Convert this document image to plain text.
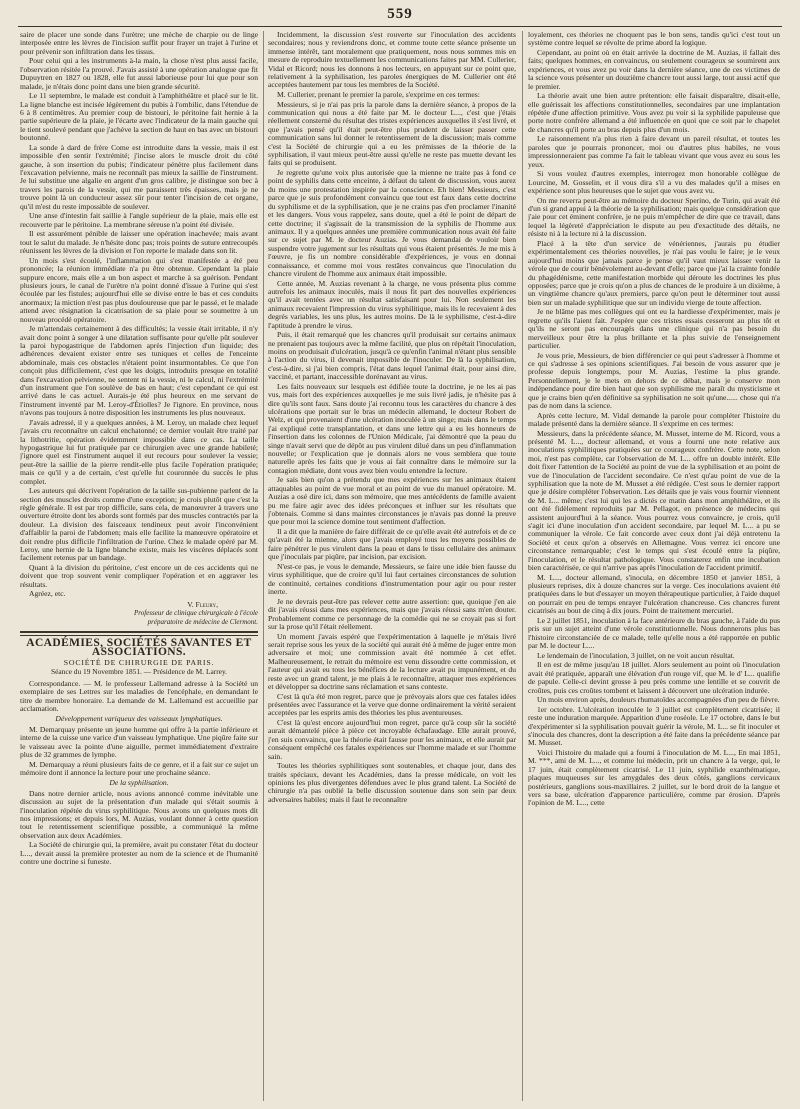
559

saire de placer une sonde dans l'urètre; une mèche de charpie ou de linge interposée entre les lèvres de l'incision suffit pour frayer un trajet à l'urine et pour prévenir son infiltration dans les tissus.

Pour celui qui a les instruments à-la main, la chose n'est plus aussi facile, l'observation résitée l'a prouvé. J'avais assisté à une opération analogue que fit Dupuytren en 1827 ou 1828, elle fut aussi laborieuse pour lui que pour son malade, je n'étais donc point dans une bien grande sécurité.

Le 11 septembre, le malade est conduit à l'amphithéâtre et placé sur le lit. La ligne blanche est incisée légèrement du pubis à l'ombilic, dans l'étendue de 6 à 8 centimètres. Au premier coup de bistouri, le péritoine fait hernie à la partie supérieure de la plaie, je l'écarte avec l'indicateur de la main gauche qui le tient soulevé pendant que j'achève la section de haut en bas avec un bistouri boutonné.

La sonde à dard de frère Come est introduite dans la vessie, mais il est impossible d'en sentir l'extrémité; j'incise alors le muscle droit du côté gauche, à son insertion du pubis; l'indicateur pénètre plus facilement dans l'excavation pelvienne, mais ne reconnaît pas mieux la saillie de l'instrument. Je lui substitue une algalie en argent d'un gros calibre, je distingue son bec à travers les parois de la vessie, qui me paraissent très épaisses, mais je ne trouve point là un conducteur assez sûr pour tenter l'incision de cet organe, qu'il m'est du reste impossible de soulever.

Une anse d'intestin fait saillie à l'angle supérieur de la plaie, mais elle est recouverte par le péritoine. La membrane séreuse n'a point été divisée.

Il est assurément pénible de laisser une opération inachevée; mais avant tout le salut du malade. Je n'hésite donc pas; trois points de suture entrecoupés réunissent les lèvres de la division et l'on reporte le malade dans son lit.

Un mois s'est écoulé, l'inflammation qui s'est manifestée a été peu prononcée; la réunion immédiate n'a pu être obtenue. Cependant la plaie suppure encore, mais elle a un bon aspect et marche à sa guérison. Pendant plusieurs jours, le canal de l'urètre n'a point donné d'issue à l'urine qui s'est écoulée par les fistules; aujourd'hui elle se divise entre le bas et ces conduits anormaux; la miction n'est pas plus douloureuse que par le passé, et le malade attend avec résignation la cicatrisation de sa plaie pour se soumettre à un nouveau procédé opératoire.

Je m'attendais certainement à des difficultés; la vessie était irritable, il n'y avait donc point à songer à une dilatation suffisante pour qu'elle pût soulever la paroi hypogastrique de l'abdomen après l'injection d'un liquide; des adhérences devaient exister entre ses tuniques et celles de l'enceinte abdominale, mais ces obstacles n'étaient point insurmontables. Ce que l'on conçoit plus difficilement, c'est que les doigts, introduits presque en totalité dans l'excavation pelvienne, ne sentent ni la vessie, ni le calcul, ni l'extrémité d'un instrument que l'on soulève de bas en haut; c'est cependant ce qui est arrivé dans le cas actuel. Aurais-je été plus heureux en me servant de l'instrument inventé par M. Leroy-d'Étiolles? Je l'ignore. En province, nous n'avons pas toujours à notre disposition les instruments les plus nouveaux.

J'avais adressé, il y a quelques années, à M. Leroy, un malade chez lequel j'avais cru reconnaître un calcul enchatonné; ce dernier voulait être traité par la lithotritie, opération évidemment impossible dans ce cas. La taille hypogastrique lui fut pratiquée par ce chirurgien avec une grande habileté; j'ignore quel est l'instrument auquel il eut recours pour soulever la vessie; peut-être la saillie de la pierre rendit-elle plus facile l'opération pratiquée; mais ce qu'il y a de certain, c'est qu'elle fut couronnée du succès le plus complet.

Les auteurs qui décrivent l'opération de la taille sus-pubienne parlent de la section des muscles droits comme d'une exception; je crois plutôt que c'est la règle générale. Il est par trop difficile, sans cela, de manœuvrer à travers une ouverture étroite dont les abords sont formés par des muscles contractés par la douleur. La division des faisceaux tendineux peut avoir l'inconvénient d'affaiblir la paroi de l'abdomen; mais elle facilite la manœuvre opératoire et doit rendre plus difficile l'infiltration de l'urine. Chez le malade opéré par M. Leroy, une hernie de la ligne blanche existe, mais les viscères déplacés sont facilement retenus par un bandage.

Quant à la division du péritoine, c'est encore un de ces accidents qui ne doivent que trop souvent venir compliquer l'opération et en aggraver les résultats.

Agréez, etc.

V. Fleury,
Professeur de clinique chirurgicale à l'école
préparatoire de médecine de Clermont.
ACADÉMIES, SOCIÉTÉS SAVANTES ET ASSOCIATIONS.
SOCIÉTÉ DE CHIRURGIE DE PARIS.
Séance du 19 Novembre 1851. — Présidence de M. Larrey.

Correspondance. — M. le professeur Lallemand adresse à la Société un exemplaire de ses Lettres sur les maladies de l'encéphale, en demandant le titre de membre honoraire. La demande de M. Lallemand est accueillie par acclamation.

Développement variqueux des vaisseaux lymphatiques.

M. Demarquay présente un jeune homme qui offre à la partie inférieure et interne de la cuisse une varice d'un vaisseau lymphatique. Une piqûre faite sur le vaisseau avec la pointe d'une aiguille, permet immédiatement d'extraire plus de 32 grammes de lymphe.

M. Demarquay a réuni plusieurs faits de ce genre, et il a fait sur ce sujet un mémoire dont il annonce la lecture pour une prochaine séance.

De la syphilisation.

Dans notre dernier article, nous avions annoncé comme inévitable une discussion au sujet de la présentation d'un malade qui s'était soumis à l'inoculation répétée du virus syphilitique. Nous avons un quelques mots dit nos impressions; et depuis lors, M. Auzias, voulant donner à cette question tout le retentissement scientifique possible, a communiqué la même observation aux deux Académies.

La Société de chirurgie qui, la première, avait pu constater l'état du docteur L..., devait aussi la première protester au nom de la science et de l'humanité contre une doctrine si funeste.

Incidemment, la discussion s'est rouverte sur l'inoculation des accidents secondaires; nous y reviendrons donc, et comme toute cette séance présente un immense intérêt, tant moralement que pratiquement, nous nous sommes mis en mesure de reproduire textuellement les communications faites par MM. Cullerier, Vidal et Ricord; nous les donnons à nos lecteurs, en appuyant sur ce point que, relativement à la syphilisation, les paroles énergiques de M. Cullerier ont été acceptées hautement par tous les membres de la Société.

M. Cullerier, prenant le premier la parole, s'exprime en ces termes:

Messieurs, si je n'ai pas pris la parole dans la dernière séance, à propos de la communication qui nous a été faite par M. le docteur L..., c'est que j'étais réellement consterné du résultat des tristes expériences auxquelles il s'est livré, et que j'avais pensé qu'il était peut-être plus prudent de laisser passer cette communication sans lui donner le retentissement de la discussion; mais comme c'est la Société de chirurgie qui a eu les prémisses de la théorie de la syphilisation, il vaut mieux peut-être aussi qu'elle ne reste pas muette devant les faits qui se produisent.

Je regrette qu'une voix plus autorisée que la mienne ne traite pas à fond ce point de syphilis dans cette enceinte, à défaut du talent de discussion, vous aurez du moins une protestation inspirée par la conscience. Eh bien! Messieurs, c'est parce que je suis profondément convaincu que tout est faux dans cette doctrine du syphilisme et de la syphilisation, que je ne crains pas d'en proclamer l'inanité et les dangers. Vous vous rappelez, sans doute, quel a été le point de départ de cette doctrine; il s'agissait de la transmission de la syphilis de l'homme aux animaux. Il y a quelques années une première communication nous avait été faite sur ce sujet par M. le docteur Auzias. Je vous demandai de vouloir bien suspendre votre jugement sur les résultats qui vous étaient présentés. Je me mis à l'œuvre, je fis un nombre considérable d'expériences, je vous en donnai connaissance, et comme moi vous restâtes convaincus que l'inoculation du chancre virulent de l'homme aux animaux était impossible.

Cette année, M. Auzias revenant à la charge, ne vous présenta plus comme autrefois les animaux inoculés, mais il nous fit part des nouvelles expériences qu'il avait tentées avec un résultat satisfaisant pour lui. Non seulement les animaux recevaient l'impression du virus syphilitique, mais ils le recevaient à des degrés variables, les uns plus, les autres moins. De là le syphilisme, c'est-à-dire l'aptitude à prendre le virus.

Puis, il était remarqué que les chancres qu'il produisait sur certains animaux ne prenaient pas toujours avec la même facilité, que plus on répétait l'inoculation, moins on produisait d'ulcération, jusqu'à ce qu'enfin l'animal n'étant plus sensible à l'action du virus, il devenait impossible de l'inoculer. De là la syphilisation, c'est-à-dire, si j'ai bien compris, l'état dans lequel l'animal était, pour ainsi dire, vacciné, et partant, inaccessible dorénavant au virus.

Les faits nouveaux sur lesquels est édifiée toute la doctrine, je ne les ai pas vus, mais fort des expériences auxquelles je me suis livré jadis, je n'hésite pas à dire qu'ils sont faux. Sans doute j'ai reconnu tous les caractères du chancre à des ulcérations que portait sur le bras un médecin allemand, le docteur Robert de Welz, et qui provenaient d'une ulcération inoculée à un singe; mais dans le temps j'ai expliqué cette transplantation, et dans une lettre qui a eu les honneurs de l'insertion dans les colonnes de l'Union Médicale, j'ai démontré que la peau du singe n'avait servi que de dépôt au pus virulent dilué dans un peu d'inflammation nouvelle; or l'explication que je donnais alors ne vous semblera que toute naturelle après les faits que je vous ai fait connaître dans le mémoire sur la contagion médiate, dont vous avez bien voulu entendre la lecture.

Je sais bien qu'on a prétendu que mes expériences sur les animaux étaient attaquables au point de vue moral et au point de vue du manuel opératoire. M. Auzias a osé dire ici, dans son mémoire, que mes antécédents de famille avaient pu me faire agir avec des idées préconçues et influer sur les résultats que j'obtenais. Comme si dans maintes circonstances je n'avais pas donné la preuve que pour moi la science domine tout sentiment d'affection.

Il a dit que la manière de faire différait de ce qu'elle avait été autrefois et de ce qu'avait été la mienne, alors que j'avais employé tous les moyens possibles de faire pénétrer le pus virulent dans la peau et dans le tissu cellulaire des animaux que j'inoculais par piqûre, par incision, par excision.

N'est-ce pas, je vous le demande, Messieurs, se faire une idée bien fausse du virus syphilitique, que de croire qu'il lui faut certaines circonstances de solution de continuité, certaines conditions d'instrumentation pour agir ou pour rester inerte.

Je ne devrais peut-être pas relever cette autre assertion: que, quoique j'en aie dit j'avais réussi dans mes expériences, mais que j'avais réussi sans m'en douter. Probablement comme ce personnage de la comédie qui ne se croyait pas si fort sur la prose qu'il l'était réellement.

Un moment j'avais espéré que l'expérimentation à laquelle je m'étais livré serait reprise sous les yeux de la société qui aurait été à même de juger entre mon adversaire et moi; une commission avait été nommée à cet effet. Malheureusement, le retrait du mémoire est venu dissoudre cette commission, et l'auteur qui avait eu tous les bénéfices de la lecture avait pu impunément, et du reste avec un grand talent, je me plais à le reconnaître, attaquer mes expériences et développer sa doctrine sans réclamation et sans conteste.

C'est là qu'a été mon regret, parce que je prévoyais alors que ces fatales idées présentées avec l'assurance et la verve que donne ordinairement la vérité seraient acceptées par les esprits amis des théories les plus aventureuses.

C'est là qu'est encore aujourd'hui mon regret, parce qu'à coup sûr la société aurait démantelé pièce à pièce cet incroyable échafaudage. Elle aurait prouvé, j'en suis convaincu, que la théorie était fausse pour les animaux, et elle aurait par conséquent empêché ces fatales expériences sur l'homme malade et sur l'homme sain.

Toutes les théories syphilitiques sont soutenables, et chaque jour, dans des traités spéciaux, devant les Académies, dans la presse médicale, on voit les opinions les plus divergentes défendues avec le plus grand talent. La Société de chirurgie n'a pas oublié la belle discussion soutenue dans son sein par deux adversaires habiles; mais il faut le reconnaître

loyalement, ces théories ne choquent pas le bon sens, tandis qu'ici c'est tout un système contre lequel se révolte de prime abord la logique.

Cependant, au point où en était arrivée la doctrine de M. Auzias, il fallait des faits; quelques hommes, en convaincus, ou seulement courageux se soumirent aux expériences, et vous avez pu voir dans la dernière séance, une de ces victimes de la science vous présenter un douzième chancre tout aussi large, tout aussi actif que le premier.

La théorie avait une bien autre prétention: elle faisait disparaître, disait-elle, elle guérissait les affections constitutionnelles, secondaires par une implantation répétée d'une affection primitive. Vous avez pu voir si la syphilide papuleuse que porte notre confrère allemand a été influencée en quoi que ce soit par le chapelet de chancres qu'il porte au bras depuis plus d'un mois.

Le raisonnement n'a plus rien à faire devant un pareil résultat, et toutes les paroles que je pourrais prononcer, moi ou d'autres plus habiles, ne vous impressionneraient pas comme l'a fait le tableau vivant que vous avez eu sous les yeux.

Si vous voulez d'autres exemples, interrogez mon honorable collègue de Lourcine, M. Gosselin, et il vous dira s'il a vu des malades qu'il a mises en expérience sont plus heureuses que le sujet que vous avez vu.

On me reverra peut-être au mémoire du docteur Sperino, de Turin, qui avait été d'un si grand appui à la théorie de la syphilisation; mais quelque considération que j'aie pour cet éminent confrère, je ne puis m'empêcher de dire que ce travail, dans lequel la légèreté d'appréciation le dispute au peu d'exactitude des détails, ne résiste ni à la lecture ni à la discussion.

Placé à la tête d'un service de vénériennes, j'aurais pu étudier expérimentalement ces théories nouvelles, je n'ai pas voulu le faire; je le veux aujourd'hui moins que jamais parce je pense qu'il vaut mieux laisser venir la vérole que de courir bénévolement au-devant d'elle; parce que j'ai la crainte fondée du phagédénisme, cette manifestation morbide qui déroute les doctrines les plus opposées; parce que je crois qu'on a plus de chances de le produire à un dixième, à un vingtième chancre qu'aux premiers, parce qu'on peut le déterminer tout aussi bien sur un malade syphilitique que sur un individu vierge de toute affection.

Je ne blâme pas mes collègues qui ont eu la hardiesse d'expérimenter, mais je regrette qu'ils l'aient fait. J'espère que ces tristes essais cesseront au plus tôt et qu'ils ne seront pas encouragés dans une clinique qui n'a pas besoin du merveilleux pour être la plus brillante et la plus suivie de l'enseignement particulier.

Je vous prie, Messieurs, de bien différencier ce qui peut s'adresser à l'homme et ce qui s'adresse à ses opinions scientifiques. J'ai besoin de vous assurer que je professe depuis longtemps, pour M. Auzias, l'estime la plus grande. Personnellement, je le mets en dehors de ce débat, mais je conserve mon indépendance pour dire bien haut que son syphilisme me paraît du mysticisme et que je crains bien qu'en définitive sa syphilisation ne soit qu'une...... chose qui n'a pas de nom dans la science.

Après cette lecture, M. Vidal demande la parole pour compléter l'histoire du malade présenté dans la dernière séance. Il s'exprime en ces termes:

Messieurs, dans la précédente séance, M. Musset, interne de M. Ricord, vous a présenté M. L..., docteur allemand, et vous a fourni une note relative aux inoculations syphilitiques pratiquées sur ce courageux confrère. Cette note, selon moi, n'est pas complète, car l'observation de M. L... offre un double intérêt. Elle doit fixer l'attention de la Société au point de vue de la syphilisation et au point de vue de l'inoculation de l'accident secondaire. Ce n'est qu'au point de vue de la syphilisation que la note de M. Musset a été rédigée. C'est sous le dernier rapport que je désire compléter l'observation. Les détails que je vais vous fournir viennent de M. L... même; c'est lui qui les a dictés ce matin dans mon amphithéâtre, et ils ont été fidèlement reproduits par M. Pellagot, en présence de médecins qui assistent aujourd'hui à la séance. Vous pourrez vous convaincre, je crois, qu'il s'agit ici d'une inoculation d'un accident secondaire, par lequel M. L... a pu se communiquer la vérole. Ce fait concorde avec ceux dont j'ai déjà entretenu la Société et ceux qu'on a observés en Allemagne. Vous verrez ici encore une circonstance remarquable; c'est le temps qui s'est écoulé entre la piqûre, l'inoculation, et le résultat pathologique. Vous constaterez enfin une incubation bien caractérisée, ce qui n'arrive pas après l'inoculation de l'accident primitif.

M. L..., docteur allemand, s'inocula, en décembre 1850 et janvier 1851, à plusieurs reprises, dix à douze chancres sur la verge. Ces inoculations avaient été pratiquées dans le but d'essayer un moyen thérapeutique particulier, à l'aide duquel on pourrait en peu de temps enrayer l'ulcération chancreuse. Ces chancres furent cicatrisés au bout de cinq à dix jours. Point de traitement mercuriel.

Le 2 juillet 1851, inoculation à la face antérieure du bras gauche, à l'aide du pus pris sur un sujet atteint d'une vérole constitutionnelle. Nous donnerons plus bas l'histoire circonstanciée de ce malade, telle qu'elle nous a été rapportée en public par M. le docteur L....

Le lendemain de l'inoculation, 3 juillet, on ne voit aucun résultat.

Il en est de même jusqu'au 18 juillet. Alors seulement au point où l'inoculation avait été pratiquée, apparaît une élévation d'un rouge vif, que M. le d' L... qualifie de papule. Celle-ci devint grosse à peu près comme une lentille et se couvrit de croûtes, puis ces croûtes tombent et laissent à découvert une ulcération indurée.

Un mois environ après, douleurs rhumatoïdes accompagnées d'un peu de fièvre.

1er octobre. L'ulcération inoculée le 3 juillet est complètement cicatrisée; il reste une induration marquée. Apparition d'une roséole. Le 17 octobre, dans le but d'expérimenter si la syphilisation pouvait guérir la vérole, M. L... se fit inoculer et s'inocula des chancres, dont la description a été faite dans la précédente séance par M. Musset.

Voici l'histoire du malade qui a fourni à l'inoculation de M. L..., En mai 1851, M. ***, ami de M. L..., et comme lui médecin, prit un chancre à la verge, qui, le 17 juin, était complètement cicatrisé. Le 11 juin, syphilide exanthématique, plaques muqueuses sur les amygdales des deux côtés, ganglions cervicaux postérieurs, ganglions sous-maxillaires. 2 juillet, sur le bord droit de la langue et vers sa base, ulcération d'apparence particulière, comme par érosion. D'après l'opinion de M. L..., cette
